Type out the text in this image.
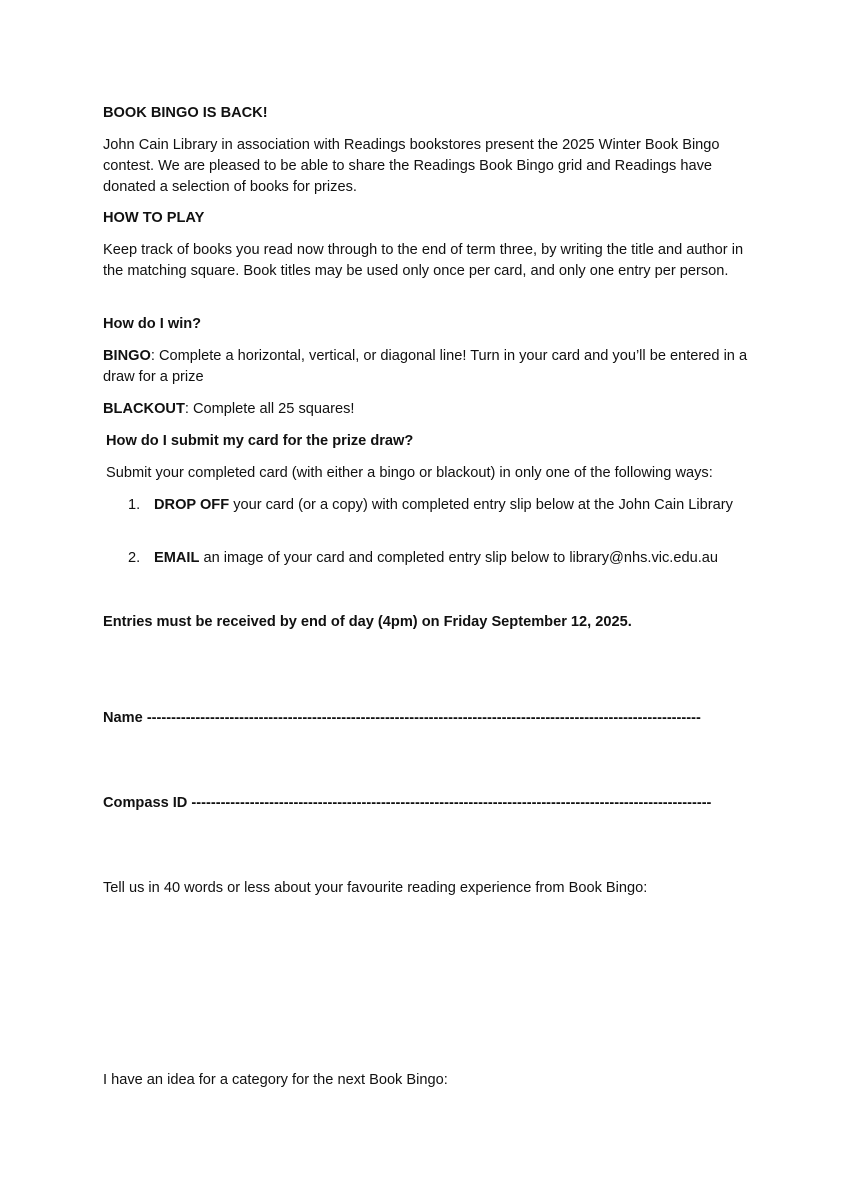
BOOK BINGO IS BACK!

John Cain Library in association with Readings bookstores present the 2025 Winter Book Bingo contest. We are pleased to be able to share the Readings Book Bingo grid and Readings have donated a selection of books for prizes.

HOW TO PLAY

Keep track of books you read now through to the end of term three, by writing the title and author in the matching square. Book titles may be used only once per card, and only one entry per person.

How do I win?

BINGO: Complete a horizontal, vertical, or diagonal line! Turn in your card and you’ll be entered in a draw for a prize

BLACKOUT: Complete all 25 squares!

How do I submit my card for the prize draw?

Submit your completed card (with either a bingo or blackout) in only one of the following ways:

1. DROP OFF your card (or a copy) with completed entry slip below at the John Cain Library
2. EMAIL an image of your card and completed entry slip below to library@nhs.vic.edu.au

Entries must be received by end of day (4pm) on Friday September 12, 2025.

Name ------------------------------------------------------------------------------------------------------------------

Compass ID -----------------------------------------------------------------------------------------------------------

Tell us in 40 words or less about your favourite reading experience from Book Bingo:

I have an idea for a category for the next Book Bingo:
